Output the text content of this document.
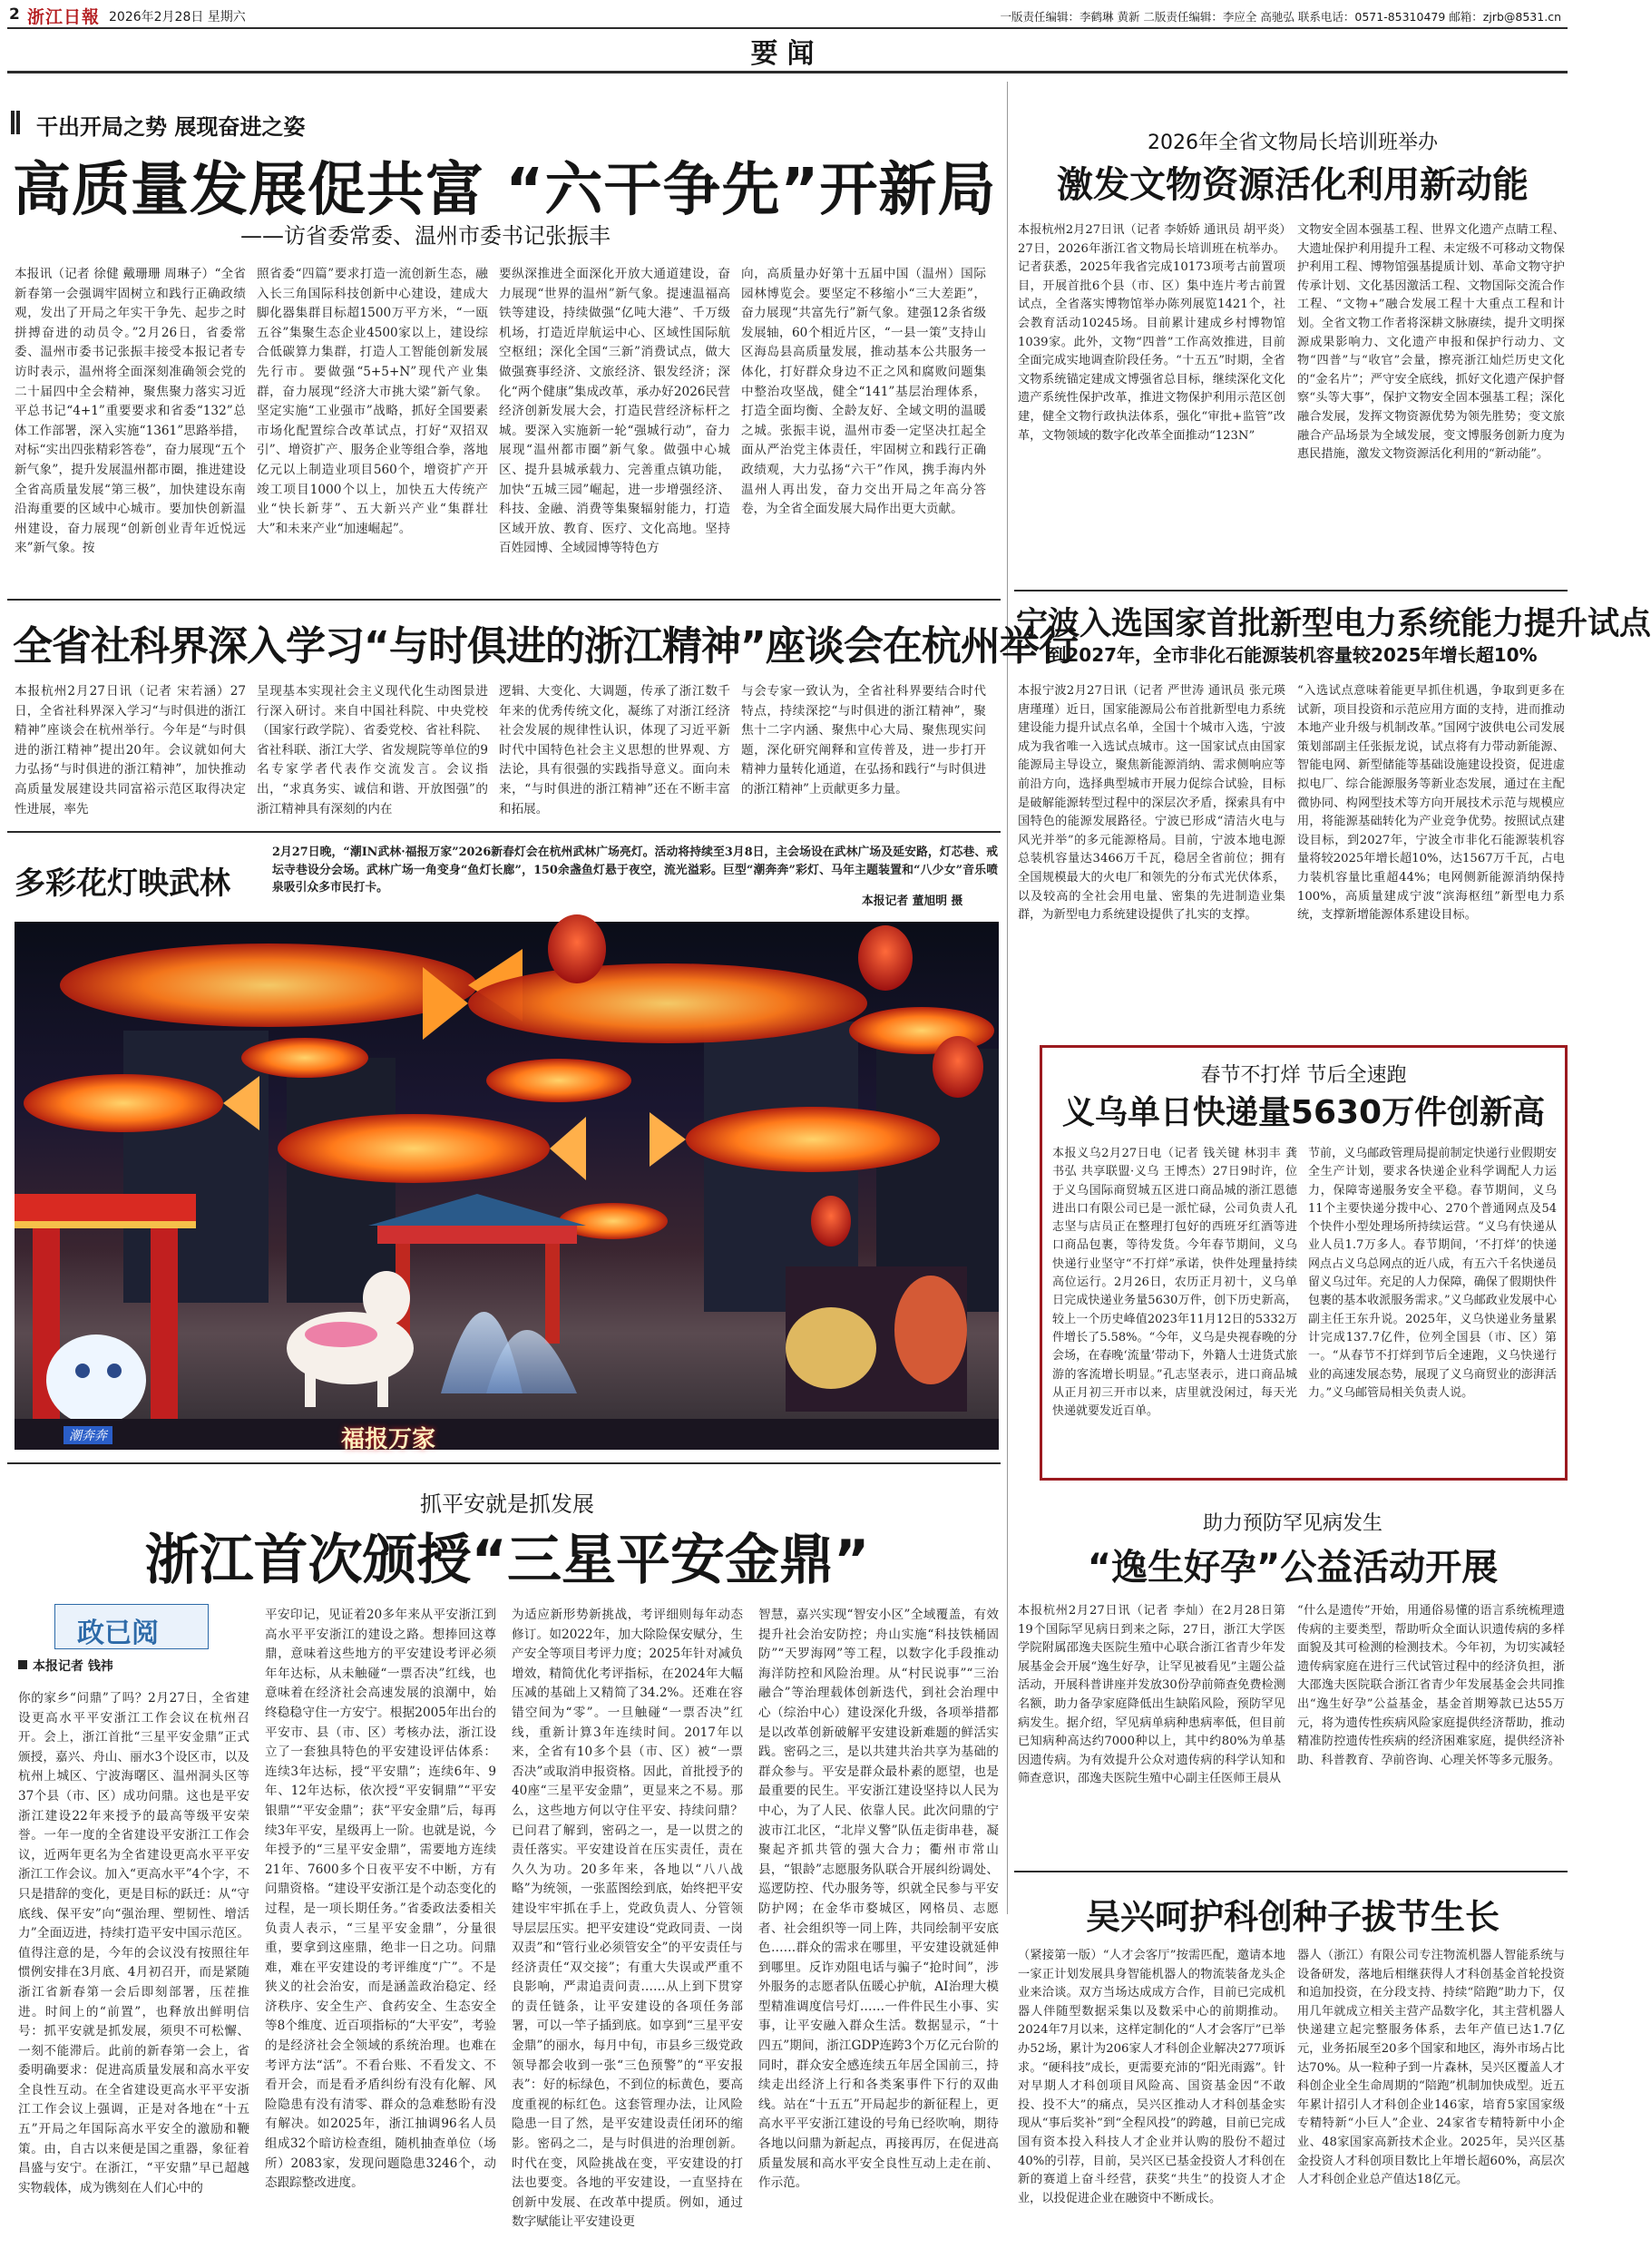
2 浙江日報 2026年2月28日 星期六	一版责任编辑：李鹤琳 黄新 二版责任编辑：李应全 高驰弘 联系电话：0571-85310479 邮箱：zjrb@8531.cn
要闻
干出开局之势 展现奋进之姿
高质量发展促共富 “六干争先”开新局
——访省委常委、温州市委书记张振丰

本报讯（记者 徐健 戴珊珊 周琳子）“全省新春第一会强调牢固树立和践行正确政绩观，发出了开局之年实干争先、起步之时拼搏奋进的动员令。”2月26日，省委常委、温州市委书记张振丰接受本报记者专访时表示，温州将全面深刻准确领会党的二十届四中全会精神，聚焦聚力落实习近平总书记“4+1”重要要求和省委“132”总体工作部署，深入实施“1361”思路举措，对标“实出四张精彩答卷”，奋力展现“五个新气象”，提升发展温州都市圈，推进建设全省高质量发展“第三极”，加快建设东南沿海重要的区域中心城市。要加快创新温州建设，奋力展现“创新创业青年近悦远来”新气象。按

照省委“四篇”要求打造一流创新生态，融入长三角国际科技创新中心建设，建成大脚化器集群目标超1500万平方米，“一瓯五谷”集聚生态企业4500家以上，建设综合低碳算力集群，打造人工智能创新发展先行市。要做强“5+5+N”现代产业集群，奋力展现“经济大市挑大梁”新气象。坚定实施“工业强市”战略，抓好全国要素市场化配置综合改革试点，打好“双招双引”、增资扩产、服务企业等组合拳，落地亿元以上制造业项目560个，增资扩产开竣工项目1000个以上，加快五大传统产业“快长新芽”、五大新兴产业“集群壮大”和未来产业“加速崛起”。

要纵深推进全面深化开放大通道建设，奋力展现“世界的温州”新气象。提速温福高铁等建设，持续做强“亿吨大港”、千万级机场，打造近岸航运中心、区域性国际航空枢纽；深化全国“三新”消费试点，做大做强赛事经济、文旅经济、银发经济；深化“两个健康”集成改革，承办好2026民营经济创新发展大会，打造民营经济标杆之城。要深入实施新一轮“强城行动”，奋力展现“温州都市圈”新气象。做强中心城区、提升县城承载力、完善重点镇功能，加快“五城三园”崛起，进一步增强经济、科技、金融、消费等集聚辐射能力，打造区域开放、教育、医疗、文化高地。坚持百姓园博、全域园博等特色方

向，高质量办好第十五届中国（温州）国际园林博览会。要坚定不移缩小“三大差距”，奋力展现“共富先行”新气象。建强12条省级发展轴，60个相近片区，“一县一策”支持山区海岛县高质量发展，推动基本公共服务一体化，打好群众身边不正之风和腐败问题集中整治攻坚战，健全“141”基层治理体系，打造全面均衡、全龄友好、全域文明的温暖之城。张振丰说，温州市委一定坚决扛起全面从严治党主体责任，牢固树立和践行正确政绩观，大力弘扬“六干”作风，携手海内外温州人再出发，奋力交出开局之年高分答卷，为全省全面发展大局作出更大贡献。

2026年全省文物局长培训班举办
激发文物资源活化利用新动能

本报杭州2月27日讯（记者 李娇娇 通讯员 胡平炎）27日，2026年浙江省文物局长培训班在杭举办。记者获悉，2025年我省完成10173项考古前置项目，开展首批6个县（市、区）集中连片考古前置试点，全省落实博物馆举办陈列展览1421个，社会教育活动10245场。目前累计建成乡村博物馆1039家。此外，文物“四普”工作高效推进，目前全面完成实地调查阶段任务。“十五五”时期，全省文物系统锚定建成文博强省总目标，继续深化文化遗产系统性保护改革，推进文物保护利用示范区创建，健全文物行政执法体系，强化“审批+监管”改革，文物领域的数字化改革全面推动“123N”

文物安全固本强基工程、世界文化遗产点睛工程、大遗址保护利用提升工程、未定级不可移动文物保护利用工程、博物馆强基提质计划、革命文物守护传承计划、文化基因激活工程、文物国际交流合作工程、“文物+”融合发展工程十大重点工程和计划。全省文物工作者将深耕文脉赓续，提升文明探源成果影响力、文化遗产申报和保护行动力、文物“四普”与“收官”会量，擦亮浙江灿烂历史文化的“金名片”；严守安全底线，抓好文化遗产保护督察“头等大事”，保护文物安全固本强基工程；深化融合发展，发挥文物资源优势为领先胜势；变文旅融合产品场景为全域发展，变文博服务创新力度为惠民措施，激发文物资源活化利用的“新动能”。

全省社科界深入学习“与时俱进的浙江精神”座谈会在杭州举行

本报杭州2月27日讯（记者 宋若涵）27日，全省社科界深入学习“与时俱进的浙江精神”座谈会在杭州举行。今年是“与时俱进的浙江精神”提出20年。会议就如何大力弘扬“与时俱进的浙江精神”，加快推动高质量发展建设共同富裕示范区取得决定性进展，率先

呈现基本实现社会主义现代化生动图景进行深入研讨。来自中国社科院、中央党校（国家行政学院）、省委党校、省社科院、省社科联、浙江大学、省发规院等单位的9名专家学者代表作交流发言。会议指出，“求真务实、诚信和谐、开放图强”的浙江精神具有深刻的内在

逻辑、大变化、大调题，传承了浙江数千年来的优秀传统文化，凝练了对浙江经济社会发展的规律性认识，体现了习近平新时代中国特色社会主义思想的世界观、方法论，具有很强的实践指导意义。面向未来，“与时俱进的浙江精神”还在不断丰富和拓展。

与会专家一致认为，全省社科界要结合时代特点，持续深挖“与时俱进的浙江精神”，聚焦十二字内涵、聚焦中心大局、聚焦现实问题，深化研究阐释和宣传普及，进一步打开精神力量转化通道，在弘扬和践行“与时俱进的浙江精神”上贡献更多力量。

多彩花灯映武林

2月27日晚，“潮IN武林·福报万家”2026新春灯会在杭州武林广场亮灯。活动将持续至3月8日，主会场设在武林广场及延安路，灯芯巷、戒坛寺巷设分会场。武林广场一角变身“鱼灯长廊”，150余盏鱼灯悬于夜空，流光溢彩。巨型“潮奔奔”彩灯、马年主题装置和“八少女”音乐喷泉吸引众多市民打卡。

本报记者 董旭明 摄
福报万家
潮奔奔
宁波入选国家首批新型电力系统能力提升试点
到2027年，全市非化石能源装机容量较2025年增长超10%

本报宁波2月27日讯（记者 严世涛 通讯员 张元瑛 唐瑾瑾）近日，国家能源局公布首批新型电力系统建设能力提升试点名单，全国十个城市入选，宁波成为我省唯一入选试点城市。这一国家试点由国家能源局主导设立，聚焦新能源消纳、需求侧响应等前沿方向，选择典型城市开展力促综合试验，目标是破解能源转型过程中的深层次矛盾，探索具有中国特色的能源发展路径。宁波已形成“清洁火电与风光并举”的多元能源格局。目前，宁波本地电源总装机容量达3466万千瓦，稳居全省前位；拥有全国规模最大的火电厂和领先的分布式光伏体系，以及较高的全社会用电量、密集的先进制造业集群，为新型电力系统建设提供了扎实的支撑。

“入选试点意味着能更早抓住机遇，争取到更多在试新，项目投资和示范应用方面的支持，进而推动本地产业升级与机制改革。”国网宁波供电公司发展策划部副主任张振龙说，试点将有力带动新能源、智能电网、新型储能等基础设施建设投资，促进虚拟电厂、综合能源服务等新业态发展，通过在主配微协同、构网型技术等方向开展技术示范与规模应用，将能源基础转化为产业竞争优势。按照试点建设目标，到2027年，宁波全市非化石能源装机容量将较2025年增长超10%，达1567万千瓦，占电力装机容量比重超44%；电网侧新能源消纳保持100%，高质量建成宁波“滨海枢纽”新型电力系统，支撑新增能源体系建设目标。

春节不打烊 节后全速跑
义乌单日快递量5630万件创新高

本报义乌2月27日电（记者 钱关键 林羽丰 龚书弘 共享联盟·义乌 王博杰）27日9时许，位于义乌国际商贸城五区进口商品城的浙江恩德进出口有限公司已是一派忙碌，公司负责人孔志坚与店员正在整理打包好的西班牙红酒等进口商品包裹，等待发货。今年春节期间，义乌快递行业坚守“不打烊”承诺，快件处理量持续高位运行。2月26日，农历正月初十，义乌单日完成快递业务量5630万件，创下历史新高，较上一个历史峰值2023年11月12日的5332万件增长了5.58%。“今年，义乌是央视春晚的分会场，在春晚‘流量’带动下，外籍人士进货式旅游的客流增长明显。”孔志坚表示，进口商品城从正月初三开市以来，店里就没闲过，每天光快递就要发近百单。

节前，义乌邮政管理局提前制定快递行业假期安全生产计划，要求各快递企业科学调配人力运力，保障寄递服务安全平稳。春节期间，义乌11个主要快递分拨中心、270个普通网点及54个快件小型处理场所持续运营。“义乌有快递从业人员1.7万多人。春节期间，‘不打烊’的快递网点占义乌总网点的近八成，有五六千名快递员留义乌过年。充足的人力保障，确保了假期快件包裹的基本收派服务需求。”义乌邮政业发展中心副主任王东升说。2025年，义乌快递业务量累计完成137.7亿件，位列全国县（市、区）第一。“从春节不打烊到节后全速跑，义乌快递行业的高速发展态势，展现了义乌商贸业的澎湃活力。”义乌邮管局相关负责人说。

抓平安就是抓发展
浙江首次颁授“三星平安金鼎”
政已阅
本报记者 钱祎

你的家乡“问鼎”了吗？2月27日，全省建设更高水平平安浙江工作会议在杭州召开。会上，浙江首批“三星平安金鼎”正式颁授，嘉兴、舟山、丽水3个设区市，以及杭州上城区、宁波海曙区、温州洞头区等37个县（市、区）成功问鼎。这也是平安浙江建设22年来授予的最高等级平安荣誉。一年一度的全省建设平安浙江工作会议，近两年更名为全省建设更高水平平安浙江工作会议。加入“更高水平”4个字，不只是措辞的变化，更是目标的跃迁：从“守底线、保平安”向“强治理、塑韧性、增活力”全面迈进，持续打造平安中国示范区。值得注意的是，今年的会议没有按照往年惯例安排在3月底、4月初召开，而是紧随浙江省新春第一会后即刻部署，压茬推进。时间上的“前置”，也释放出鲜明信号：抓平安就是抓发展，须臾不可松懈、一刻不能滞后。此前的新春第一会上，省委明确要求：促进高质量发展和高水平安全良性互动。在全省建设更高水平平安浙江工作会议上强调，正是对各地在“十五五”开局之年国际高水平安全的激励和鞭策。由，自古以来便是国之重器，象征着昌盛与安宁。在浙江，“平安鼎”早已超越实物载体，成为镌刻在人们心中的

平安印记，见证着20多年来从平安浙江到高水平平安浙江的建设之路。想捧回这尊鼎，意味着这些地方的平安建设考评必须年年达标，从未触碰“一票否决”红线，也意味着在经济社会高速发展的浪潮中，始终稳稳守住一方安宁。根据2005年出台的平安市、县（市、区）考核办法，浙江设立了一套独具特色的平安建设评估体系：连续3年达标，授“平安鼎”；连续6年、9年、12年达标，依次授“平安铜鼎”“平安银鼎”“平安金鼎”；获“平安金鼎”后，每再续3年平安，星级再上一阶。也就是说，今年授予的“三星平安金鼎”，需要地方连续21年、7600多个日夜平安不中断，方有问鼎资格。“建设平安浙江是个动态变化的过程，是一项长期任务。”省委政法委相关负责人表示，“三星平安金鼎”，分量很重，要拿到这座鼎，绝非一日之功。问鼎难，难在平安建设的考评维度“广”。不是狭义的社会治安，而是涵盖政治稳定、经济秩序、安全生产、食药安全、生态安全等8个维度、近百项指标的“大平安”，考验的是经济社会全领域的系统治理。也难在考评方法“活”。不看台账、不看发文、不看开会，而是看矛盾纠纷有没有化解、风险隐患有没有清零、群众的急难愁盼有没有解决。如2025年，浙江抽调96名人员组成32个暗访检查组，随机抽查单位（场所）2083家，发现问题隐患3246个，动态跟踪整改进度。

为适应新形势新挑战，考评细则每年动态修订。如2022年，加大除险保安赋分，生产安全等项目考评力度；2025年针对减负增效，精简优化考评指标，在2024年大幅压减的基础上又精简了34.2%。还难在容错空间为“零”。一旦触碰“一票否决”红线，重新计算3年连续时间。2017年以来，全省有10多个县（市、区）被“一票否决”或取消申报资格。因此，首批授予的40座“三星平安金鼎”，更显来之不易。那么，这些地方何以守住平安、持续问鼎？已问君了解到，密码之一，是一以贯之的责任落实。平安建设首在压实责任，责在久久为功。20多年来，各地以“八八战略”为统领，一张蓝图绘到底，始终把平安建设牢牢抓在手上，党政负责人、分管领导层层压实。把平安建设“党政同责、一岗双责”和“管行业必须管安全”的平安责任与经济责任“双交接”；有重大失误或严重不良影响，严肃追责问责……从上到下贯穿的责任链条，让平安建设的各项任务部署，可以一竿子插到底。如享到“三星平安金鼎”的丽水，每月中旬，市县乡三级党政领导都会收到一张“三色预警”的“平安报表”：好的标绿色，不到位的标黄色，要高度重视的标红色。这套管理办法，让风险隐患一目了然，是平安建设责任闭环的缩影。密码之二，是与时俱进的治理创新。时代在变，风险挑战在变，平安建设的打法也要变。各地的平安建设，一直坚持在创新中发展、在改革中提质。例如，通过数字赋能让平安建设更

智慧，嘉兴实现“智安小区”全域覆盖，有效提升社会治安防控；舟山实施“科技铁桶固防”“天罗海网”等工程，以数字化手段推动海洋防控和风险治理。从“村民说事”“三治融合”等治理载体创新迭代，到社会治理中心（综治中心）建设深化升级，各项举措都是以改革创新破解平安建设新难题的鲜活实践。密码之三，是以共建共治共享为基础的群众参与。平安是群众最朴素的愿望，也是最重要的民生。平安浙江建设坚持以人民为中心，为了人民、依靠人民。此次问鼎的宁波市江北区，“北岸义警”队伍走街串巷，凝聚起齐抓共管的强大合力；衢州市常山县，“银龄”志愿服务队联合开展纠纷调处、巡逻防控、代办服务等，织就全民参与平安防护网；在金华市婺城区，网格员、志愿者、社会组织等一同上阵，共同绘制平安底色……群众的需求在哪里，平安建设就延伸到哪里。反诈劝阻电话与骗子“抢时间”，涉外服务的志愿者队伍暖心护航，AI治理大模型精准调度信号灯……一件件民生小事、实事，让平安融入群众生活。数据显示，“十四五”期间，浙江GDP连跨3个万亿元台阶的同时，群众安全感连续五年居全国前三，持续走出经济上行和各类案事件下行的双曲线。站在“十五五”开局起步的新征程上，更高水平平安浙江建设的号角已经吹响，期待各地以问鼎为新起点，再接再厉，在促进高质量发展和高水平安全良性互动上走在前、作示范。

助力预防罕见病发生
“逸生好孕”公益活动开展

本报杭州2月27日讯（记者 李灿）在2月28日第19个国际罕见病日到来之际，27日，浙江大学医学院附属邵逸夫医院生殖中心联合浙江省青少年发展基金会开展“逸生好孕，让罕见被看见”主题公益活动，开展科普讲座并发放30份孕前筛查免费检测名额，助力备孕家庭降低出生缺陷风险，预防罕见病发生。据介绍，罕见病单病种患病率低，但目前已知病种高达约7000种以上，其中约80%为单基因遗传病。为有效提升公众对遗传病的科学认知和筛查意识，邵逸夫医院生殖中心副主任医师王晨从

“什么是遗传”开始，用通俗易懂的语言系统梳理遗传病的主要类型，帮助听众全面认识遗传病的多样面貌及其可检测的检测技术。今年初，为切实减轻遗传病家庭在进行三代试管过程中的经济负担，浙大邵逸夫医院联合浙江省青少年发展基金会共同推出“逸生好孕”公益基金，基金首期筹款已达55万元，将为遗传性疾病风险家庭提供经济帮助，推动精准防控遗传性疾病的经济困难家庭，提供经济补助、科普教育、孕前咨询、心理关怀等多元服务。

吴兴呵护科创种子拔节生长

（紧接第一版）“人才会客厅”按需匹配，邀请本地一家正计划发展具身智能机器人的物流装备龙头企业来洽谈。双方当场达成成方合作，目前已完成机器人伴随型数据采集以及数采中心的前期推动。2024年7月以来，这样定制化的“人才会客厅”已举办52场，累计为206家人才科创企业解决277项诉求。“硬科技”成长，更需要充沛的“阳光雨露”。针对早期人才科创项目风险高、国资基金因“不敢投、投不大”的痛点，吴兴区推动人才科创基金实现从“事后奖补”到“全程风投”的跨越，目前已完成国有资本投入科技人才企业并认购的股份不超过40%的引荐，目前，吴兴区已基金投资人才科创在新的赛道上奋斗经营，获奖“共生”的投资人才企业，以投促进企业在融资中不断成长。

器人（浙江）有限公司专注物流机器人智能系统与设备研发，落地后相继获得人才科创基金首轮投资和追加投资，在分段支持、持续“陪跑”助力下，仅用几年就成立相关主营产品数字化，其主营机器人快递建立起完整服务体系，去年产值已达1.7亿元，业务拓展至20多个国家和地区，海外市场占比达70%。从一粒种子到一片森林，吴兴区覆盖人才科创企业全生命周期的“陪跑”机制加快成型。近五年累计招引人才科创企业146家，培育5家国家级专精特新“小巨人”企业、24家省专精特新中小企业、48家国家高新技术企业。2025年，吴兴区基金投资人才科创项目数比上年增长超60%，高层次人才科创企业总产值达18亿元。
